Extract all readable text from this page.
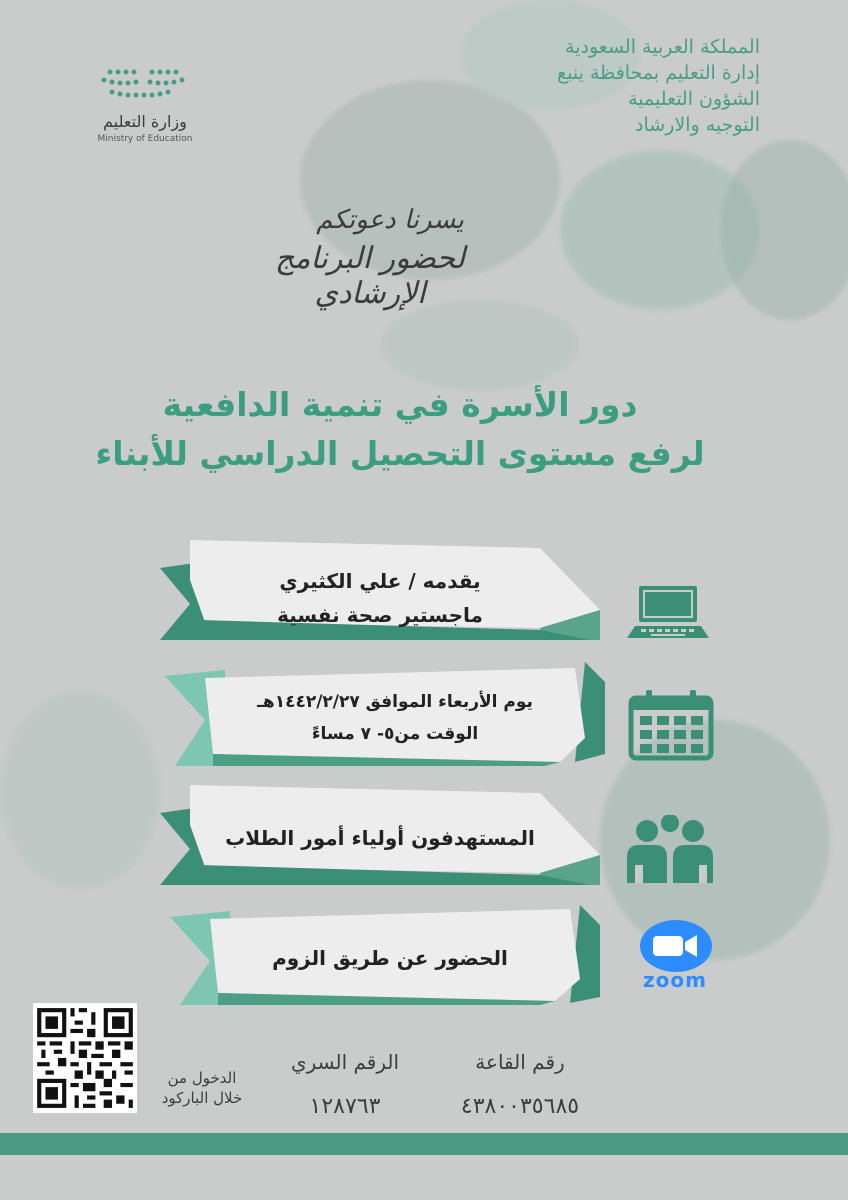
المملكة العربية السعودية
إدارة التعليم بمحافظة ينبع
الشؤون التعليمية
التوجيه والارشاد
وزارة التعليم
Ministry of Education
يسرنا دعوتكم
لحضور البرنامج الإرشادي
دور الأسرة في تنمية الدافعية
لرفع مستوى التحصيل الدراسي للأبناء
يقدمه / علي الكثيري
ماجستير صحة نفسية
يوم الأربعاء الموافق ١٤٤٢/٢/٢٧هـ
الوقت من٥- ٧ مساءً
المستهدفون أولياء أمور الطلاب
الحضور عن طريق الزوم
zoom
رقم القاعة
٤٣٨٠٠٣٥٦٨٥
الرقم السري
١٢٨٧٦٣
الدخول من
خلال الباركود
